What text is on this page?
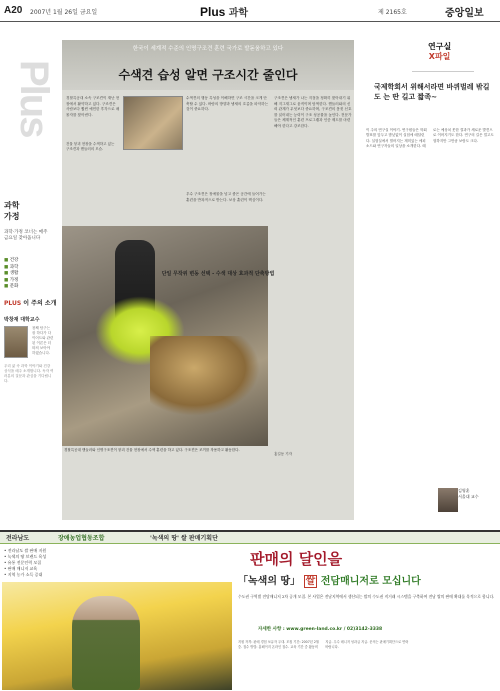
A20 2007년 1월 26일 금요일	Plus 과학	제 2165호	중앙일보
Plus
과학
가정
과학·가정 코너는 매주 금요일 찾아옵니다
■ 건강
■ 과학
■ 생활
■ 가정
■ 문화
PLUS 이 주의 소개
박창재 대학교수
첫째 탐구는 잘 하다가 다이어트와 관련된 이론은 더 따져 보아야 하겠습니다.
우리 삶 속 과학 이야기와 건강 상식을 매주 소개합니다. 독자 여러분의 질문과 관심을 기다립니다.
한국이 세계적 수준의 인명구조견 훈련 국가로 발돋움하고 있다
수색견 습성 알면 구조시간 줄인다
경찰특공대 소속 구조견이 재난 현장에서 활약하고 있다. 구조견은 사람보다 훨씬 예민한 후각으로 매몰자를 찾아낸다.
건물 붕괴 현장을 수색하고 있는 구조견과 핸들러의 모습.
수색견의 행동 특성을 이해하면 구조 시간을 크게 단축할 수 있다. 바람의 방향과 냄새의 흐름을 파악하는 것이 중요하다.
구조견은 냄새가 나는 지점을 정확히 찾아내기 위해 지그재그로 움직이며 탐색한다. 핸들러와의 신뢰 관계가 무엇보다 중요하며, 구조견의 몸짓 신호를 읽어내는 능력이 구조 성공률을 높인다. 전문가들은 체계적인 훈련 프로그램과 인증 제도를 마련해야 한다고 강조한다.
우수 구조견은 장애물을 넘고 좁은 공간에 들어가는 훈련을 반복적으로 받는다. 보상 훈련이 핵심이다.
단일 무작위 변동 선택 - 수색 대상 효과적 단축방법
경찰특공대 핸들러와 인명구조견이 붕괴 건물 현장에서 수색 훈련을 하고 있다. 구조견은 조끼를 착용하고 활동한다.
홍길동 기자
연구실
X파일
국제학회서 위해서라면 바퀴벌레 밖길도 는 딴 길고 짧족~
이 주의 연구실 이야기. 연구원들은 학회 발표를 앞두고 밤낮없이 실험에 매달린다. 실험실에서 벌어지는 재미있는 에피소드와 연구자들의 일상을 소개한다. 때로는 예상치 못한 결과가 새로운 발견으로 이어지기도 한다. 연구의 길은 멀고도 험하지만 그만큼 보람도 크다.
김영훈
서울대 교수
전라남도	장애농업협동조합	'녹색의 땅' 쌀 판매기획단
• 전라남도 쌀 판매 지원
• 녹색의 땅 브랜드 육성
• 유통 전문인력 모집
• 판매 매니저 교육
• 지역 농가 소득 증대
판매의 달인을
「녹색의 땅」 쌀 전담매니저로 모십니다
수도권 구역별 전담매니저 2차 공개 모집. 본 사업은 전남지역에서 생산되는 쌀의 수도권 직거래 시스템을 구축하여 전남 쌀의 판매 확대를 목적으로 합니다.
자세한 사항 : www.green-land.co.kr / 02)3142-3338
지원 자격: 판매 경험 보유자 우대. 모집 기간: 2007년 2월 중. 접수 방법: 홈페이지 온라인 접수. 교육 기간 중 활동비 지급. 우수 매니저 성과급 지급. 문의는 판매기획단으로 연락 바랍니다.
